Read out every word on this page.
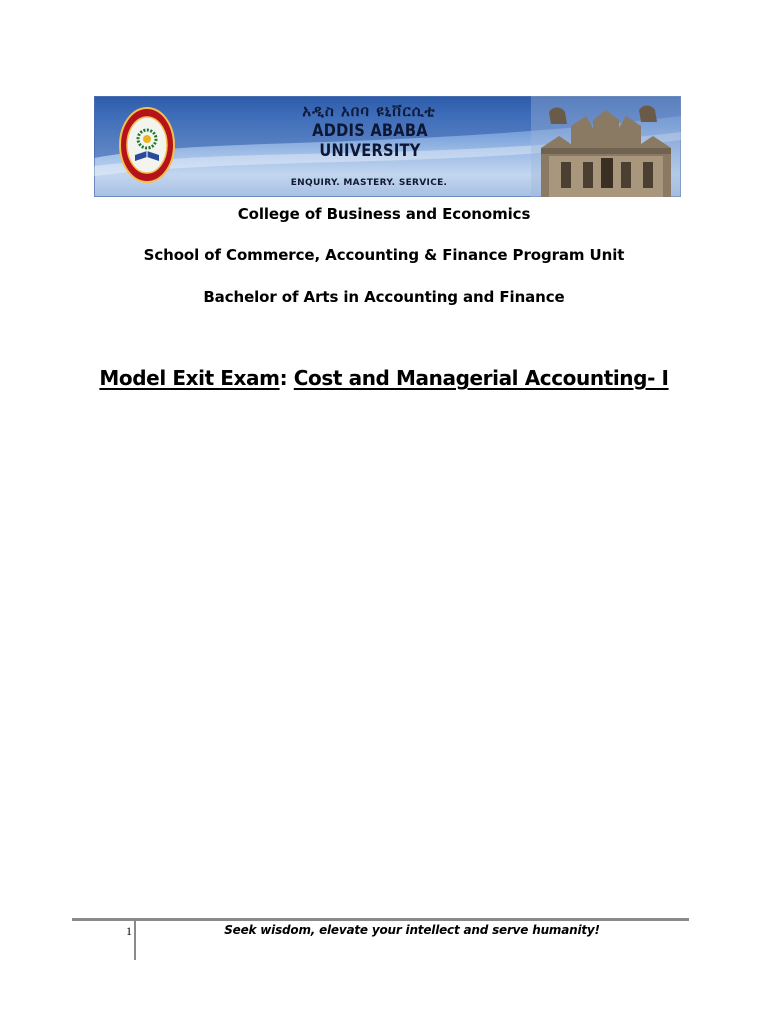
አዲስ አበባ ዩኒቨርሲቲ
ADDIS ABABA UNIVERSITY
ENQUIRY. MASTERY. SERVICE.
College of Business and Economics
School of Commerce, Accounting & Finance Program Unit
Bachelor of Arts in Accounting and Finance
Model Exit Exam: Cost and Managerial Accounting- I
1	Seek wisdom, elevate your intellect and serve humanity!
